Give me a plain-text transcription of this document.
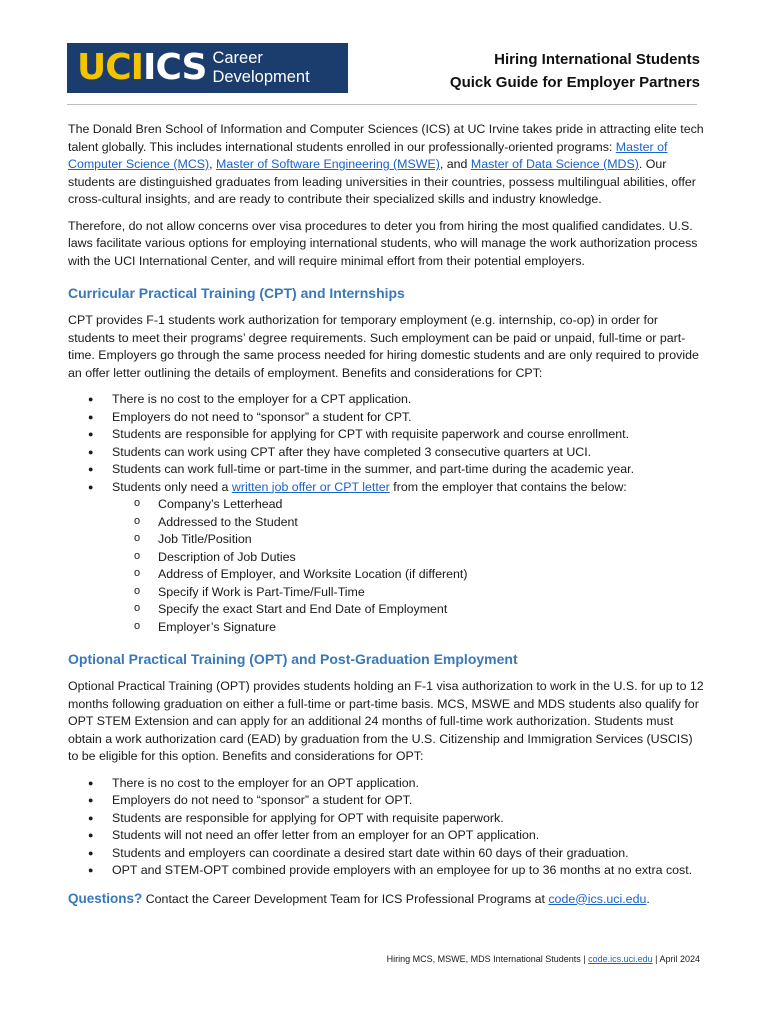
UCIICS Career
Development
Hiring International Students
Quick Guide for Employer Partners

The Donald Bren School of Information and Computer Sciences (ICS) at UC Irvine takes pride in attracting elite tech talent globally. This includes international students enrolled in our professionally-oriented programs: Master of Computer Science (MCS), Master of Software Engineering (MSWE), and Master of Data Science (MDS). Our students are distinguished graduates from leading universities in their countries, possess multilingual abilities, offer cross-cultural insights, and are ready to contribute their specialized skills and industry knowledge.

Therefore, do not allow concerns over visa procedures to deter you from hiring the most qualified candidates. U.S. laws facilitate various options for employing international students, who will manage the work authorization process with the UCI International Center, and will require minimal effort from their potential employers.

Curricular Practical Training (CPT) and Internships

CPT provides F-1 students work authorization for temporary employment (e.g. internship, co-op) in order for students to meet their programs’ degree requirements. Such employment can be paid or unpaid, full-time or part-time. Employers go through the same process needed for hiring domestic students and are only required to provide an offer letter outlining the details of employment. Benefits and considerations for CPT:

● There is no cost to the employer for a CPT application.
● Employers do not need to “sponsor” a student for CPT.
● Students are responsible for applying for CPT with requisite paperwork and course enrollment.
● Students can work using CPT after they have completed 3 consecutive quarters at UCI.
● Students can work full-time or part-time in the summer, and part-time during the academic year.
● Students only need a written job offer or CPT letter from the employer that contains the below:
o Company’s Letterhead
o Addressed to the Student
o Job Title/Position
o Description of Job Duties
o Address of Employer, and Worksite Location (if different)
o Specify if Work is Part-Time/Full-Time
o Specify the exact Start and End Date of Employment
o Employer’s Signature
Optional Practical Training (OPT) and Post-Graduation Employment

Optional Practical Training (OPT) provides students holding an F-1 visa authorization to work in the U.S. for up to 12 months following graduation on either a full-time or part-time basis. MCS, MSWE and MDS students also qualify for OPT STEM Extension and can apply for an additional 24 months of full-time work authorization. Students must obtain a work authorization card (EAD) by graduation from the U.S. Citizenship and Immigration Services (USCIS) to be eligible for this option. Benefits and considerations for OPT:

● There is no cost to the employer for an OPT application.
● Employers do not need to “sponsor” a student for OPT.
● Students are responsible for applying for OPT with requisite paperwork.
● Students will not need an offer letter from an employer for an OPT application.
● Students and employers can coordinate a desired start date within 60 days of their graduation.
● OPT and STEM-OPT combined provide employers with an employee for up to 36 months at no extra cost.

Questions? Contact the Career Development Team for ICS Professional Programs at code@ics.uci.edu.

Hiring MCS, MSWE, MDS International Students | code.ics.uci.edu | April 2024
